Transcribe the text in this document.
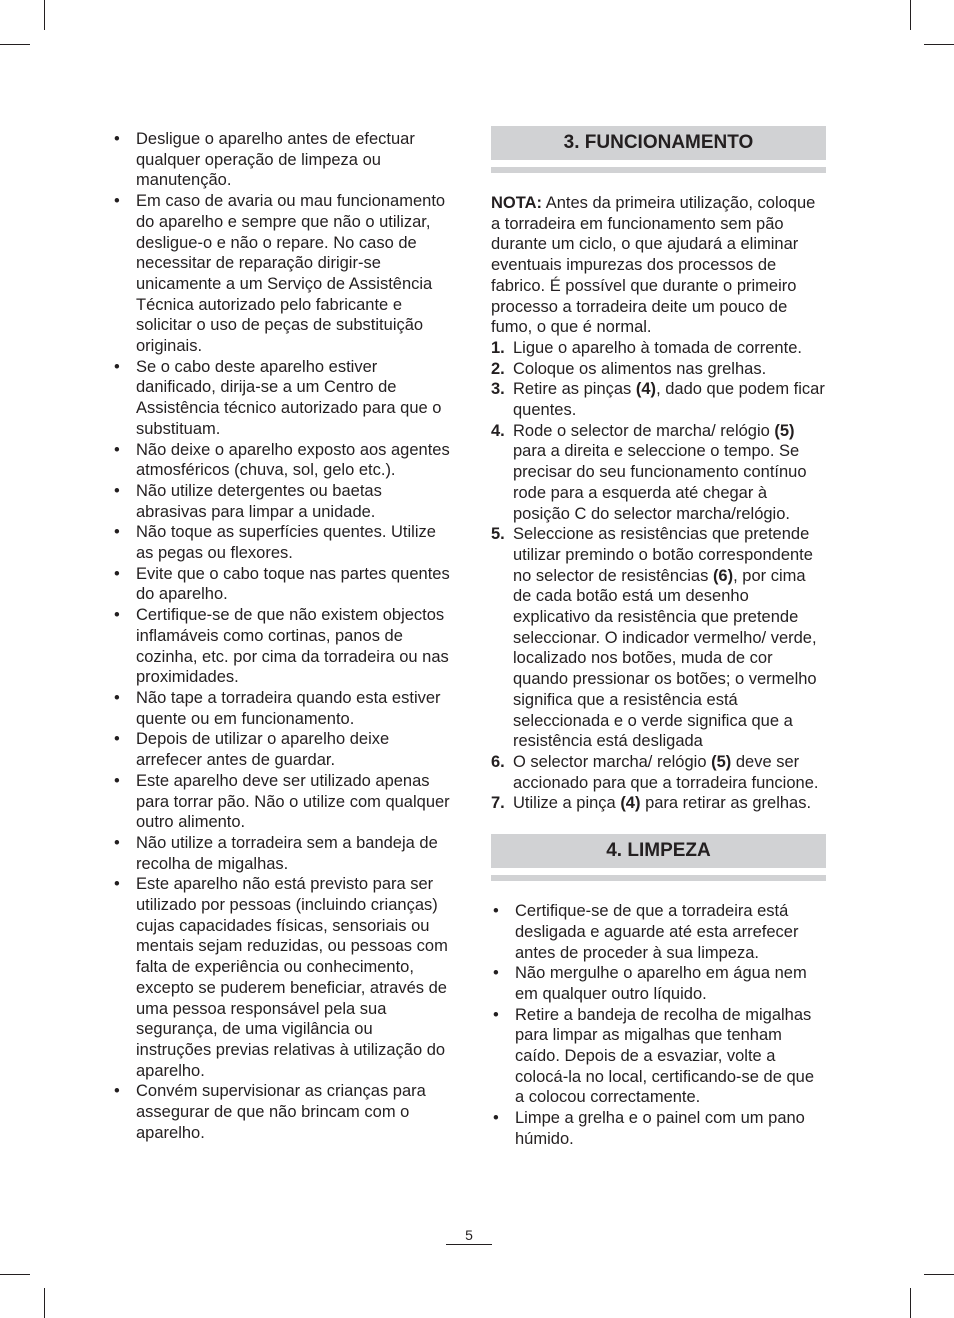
• Desligue o aparelho antes de efectuar qualquer operação de limpeza ou manutenção.
• Em caso de avaria ou mau funcionamento do aparelho e sempre que não o utilizar, desligue-o e não o repare. No caso de necessitar de reparação dirigir-se unicamente a um Serviço de Assistência Técnica autorizado pelo fabricante e solicitar o uso de peças de substituição originais.
• Se o cabo deste aparelho estiver danificado, dirija-se a um Centro de Assistência técnico autorizado para que o substituam.
• Não deixe o aparelho exposto aos agentes atmosféricos (chuva, sol, gelo etc.).
• Não utilize detergentes ou baetas abrasivas para limpar a unidade.
• Não toque as superfícies quentes. Utilize as pegas ou flexores.
• Evite que o cabo toque nas partes quentes do aparelho.
• Certifique-se de que não existem objectos inflamáveis como cortinas, panos de cozinha, etc. por cima da torradeira ou nas proximidades.
• Não tape a torradeira quando esta estiver quente ou em funcionamento.
• Depois de utilizar o aparelho deixe arrefecer antes de guardar.
• Este aparelho deve ser utilizado apenas para torrar pão. Não o utilize com qualquer outro alimento.
• Não utilize a torradeira sem a bandeja de recolha de migalhas.
• Este aparelho não está previsto para ser utilizado por pessoas (incluindo crianças) cujas capacidades físicas, sensoriais ou mentais sejam reduzidas, ou pessoas com falta de experiência ou conhecimento, excepto se puderem beneficiar, através de uma pessoa responsável pela sua segurança, de uma vigilância ou instruções previas relativas à utilização do aparelho.
• Convém supervisionar as crianças para assegurar de que não brincam com o aparelho.
3. FUNCIONAMENTO
NOTA: Antes da primeira utilização, coloque a torradeira em funcionamento sem pão durante um ciclo, o que ajudará a eliminar eventuais impurezas dos processos de fabrico. É possível que durante o primeiro processo a torradeira deite um pouco de fumo, o que é normal.
1. Ligue o aparelho à tomada de corrente.
2. Coloque os alimentos nas grelhas.
3. Retire as pinças (4), dado que podem ficar quentes.
4. Rode o selector de marcha/ relógio (5) para a direita e seleccione o tempo. Se precisar do seu funcionamento contínuo rode para a esquerda até chegar à posição C do selector marcha/relógio.
5. Seleccione as resistências que pretende utilizar premindo o botão correspondente no selector de resistências (6), por cima de cada botão está um desenho explicativo da resistência que pretende seleccionar. O indicador vermelho/ verde, localizado nos botões, muda de cor quando pressionar os botões; o vermelho significa que a resistência está seleccionada e o verde significa que a resistência está desligada
6. O selector marcha/ relógio (5) deve ser accionado para que a torradeira funcione.
7. Utilize a pinça (4) para retirar as grelhas.
4. LIMPEZA
• Certifique-se de que a torradeira está desligada e aguarde até esta arrefecer antes de proceder à sua limpeza.
• Não mergulhe o aparelho em água nem em qualquer outro líquido.
• Retire a bandeja de recolha de migalhas para limpar as migalhas que tenham caído. Depois de a esvaziar, volte a colocá-la no local, certificando-se de que a colocou correctamente.
• Limpe a grelha e o painel com um pano húmido.
5
